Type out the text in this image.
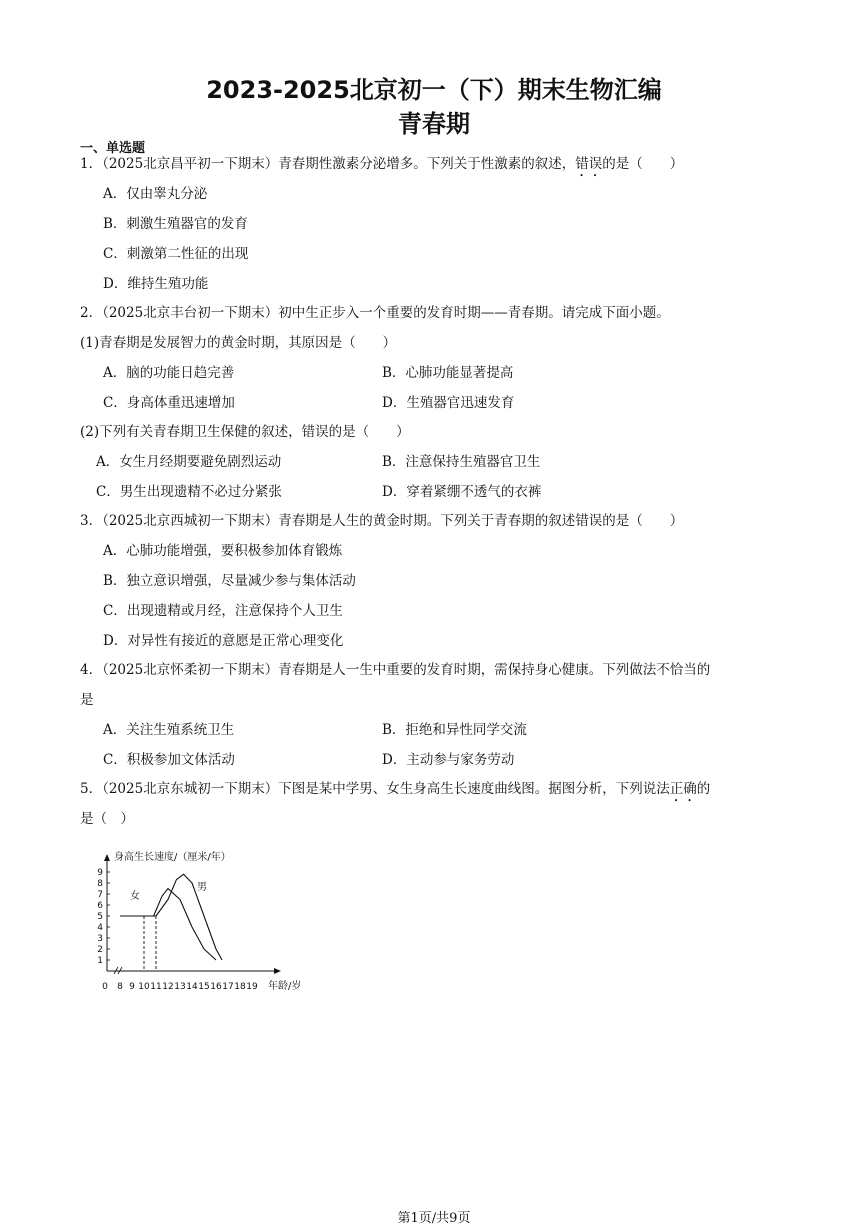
2023-2025北京初一（下）期末生物汇编
青春期
一、单选题
1．（2025北京昌平初一下期末）青春期性激素分泌增多。下列关于性激素的叙述，错误的是（　　）
A．仅由睾丸分泌
B．刺激生殖器官的发育
C．刺激第二性征的出现
D．维持生殖功能
2．（2025北京丰台初一下期末）初中生正步入一个重要的发育时期——青春期。请完成下面小题。
(1)青春期是发展智力的黄金时期，其原因是（　　）
A．脑的功能日趋完善	B．心肺功能显著提高
C．身高体重迅速增加	D．生殖器官迅速发育
(2)下列有关青春期卫生保健的叙述，错误的是（　　）
A．女生月经期要避免剧烈运动	B．注意保持生殖器官卫生
C．男生出现遗精不必过分紧张	D．穿着紧绷不透气的衣裤
3．（2025北京西城初一下期末）青春期是人生的黄金时期。下列关于青春期的叙述错误的是（　　）
A．心肺功能增强，要积极参加体育锻炼
B．独立意识增强，尽量减少参与集体活动
C．出现遗精或月经，注意保持个人卫生
D．对异性有接近的意愿是正常心理变化
4．（2025北京怀柔初一下期末）青春期是人一生中重要的发育时期，需保持身心健康。下列做法不恰当的
是
A．关注生殖系统卫生	B．拒绝和异性同学交流
C．积极参加文体活动	D．主动参与家务劳动
5．（2025北京东城初一下期末）下图是某中学男、女生身高生长速度曲线图。据图分析，下列说法正确的
是（　）
身高生长速度/（厘米/年）
年龄/岁
1
2
3
4
5
6
7
8
9
0 8 9 10 11 12 13 14 15 16 17 18 19
女
男
第1页/共9页
